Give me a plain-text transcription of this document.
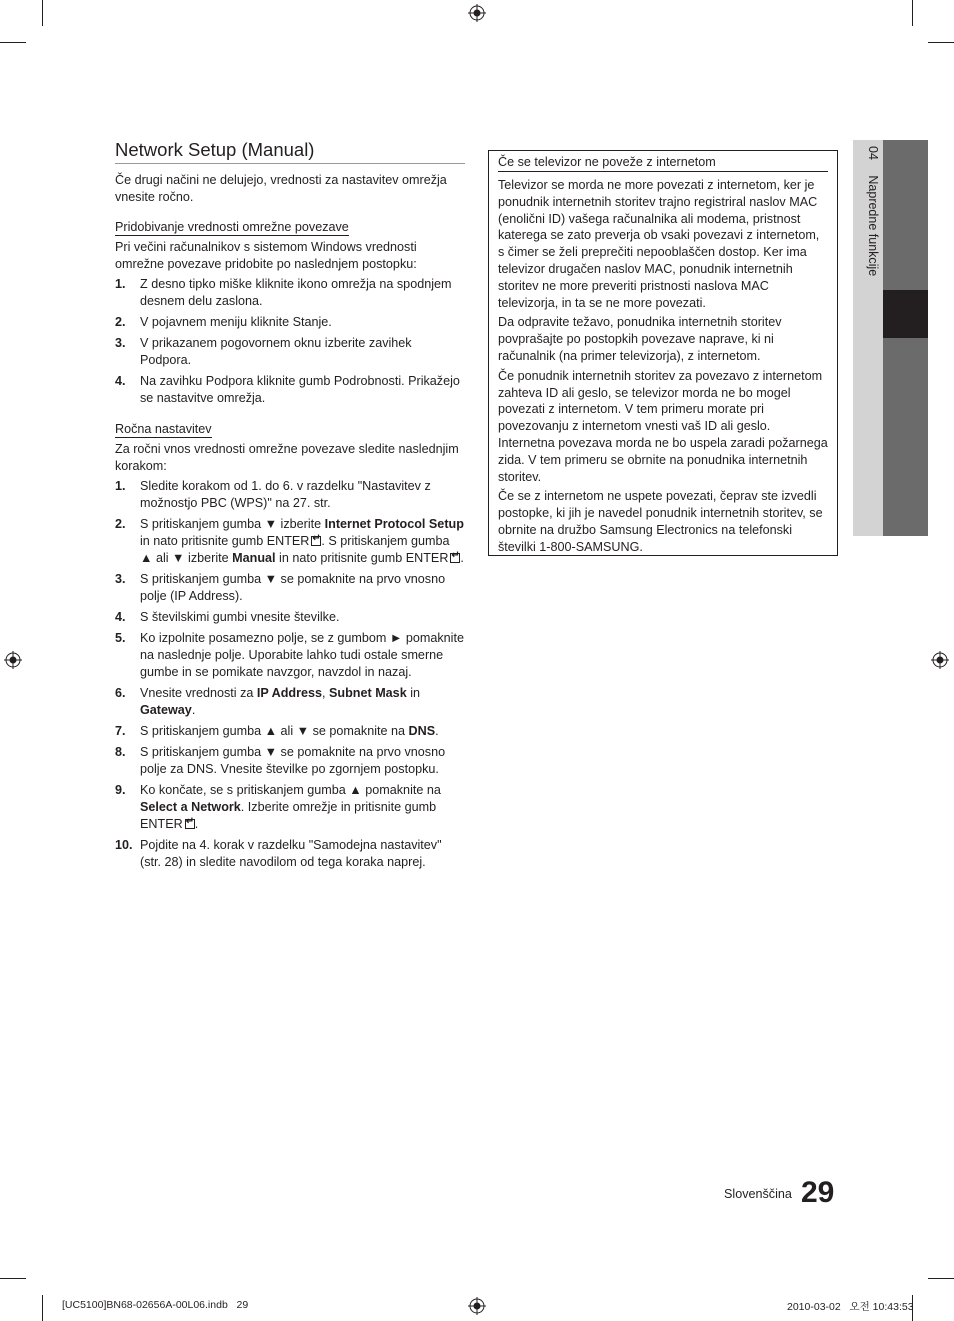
04 Napredne funkcije
Network Setup (Manual)

Če drugi načini ne delujejo, vrednosti za nastavitev omrežja vnesite ročno.

Pridobivanje vrednosti omrežne povezave

Pri večini računalnikov s sistemom Windows vrednosti omrežne povezave pridobite po naslednjem postopku:

1. Z desno tipko miške kliknite ikono omrežja na spodnjem desnem delu zaslona.
2. V pojavnem meniju kliknite Stanje.
3. V prikazanem pogovornem oknu izberite zavihek Podpora.
4. Na zavihku Podpora kliknite gumb Podrobnosti. Prikažejo se nastavitve omrežja.
Ročna nastavitev

Za ročni vnos vrednosti omrežne povezave sledite naslednjim korakom:

1. Sledite korakom od 1. do 6. v razdelku "Nastavitev z možnostjo PBC (WPS)" na 27. str.
2. S pritiskanjem gumba ▼ izberite Internet Protocol Setup in nato pritisnite gumb ENTER ↵ . S pritiskanjem gumba ▲ ali ▼ izberite Manual in nato pritisnite gumb ENTER ↵ .
3. S pritiskanjem gumba ▼ se pomaknite na prvo vnosno polje (IP Address).
4. S številskimi gumbi vnesite številke.
5. Ko izpolnite posamezno polje, se z gumbom ► pomaknite na naslednje polje. Uporabite lahko tudi ostale smerne gumbe in se pomikate navzgor, navzdol in nazaj.
6. Vnesite vrednosti za IP Address, Subnet Mask in Gateway.
7. S pritiskanjem gumba ▲ ali ▼ se pomaknite na DNS.
8. S pritiskanjem gumba ▼ se pomaknite na prvo vnosno polje za DNS. Vnesite številke po zgornjem postopku.
9. Ko končate, se s pritiskanjem gumba ▲ pomaknite na Select a Network. Izberite omrežje in pritisnite gumb ENTER ↵ .
10. Pojdite na 4. korak v razdelku "Samodejna nastavitev" (str. 28) in sledite navodilom od tega koraka naprej.
Če se televizor ne poveže z internetom

Televizor se morda ne more povezati z internetom, ker je ponudnik internetnih storitev trajno registriral naslov MAC (enolični ID) vašega računalnika ali modema, pristnost katerega se zato preverja ob vsaki povezavi z internetom, s čimer se želi preprečiti nepooblaščen dostop. Ker ima televizor drugačen naslov MAC, ponudnik internetnih storitev ne more preveriti pristnosti naslova MAC televizorja, in ta se ne more povezati.

Da odpravite težavo, ponudnika internetnih storitev povprašajte po postopkih povezave naprave, ki ni računalnik (na primer televizorja), z internetom.

Če ponudnik internetnih storitev za povezavo z internetom zahteva ID ali geslo, se televizor morda ne bo mogel povezati z internetom. V tem primeru morate pri povezovanju z internetom vnesti vaš ID ali geslo. Internetna povezava morda ne bo uspela zaradi požarnega zida. V tem primeru se obrnite na ponudnika internetnih storitev.

Če se z internetom ne uspete povezati, čeprav ste izvedli postopke, ki jih je navedel ponudnik internetnih storitev, se obrnite na družbo Samsung Electronics na telefonski številki 1-800-SAMSUNG.

Slovenščina 29
[UC5100]BN68-02656A-00L06.indb   29	2010-03-02   오전 10:43:53
